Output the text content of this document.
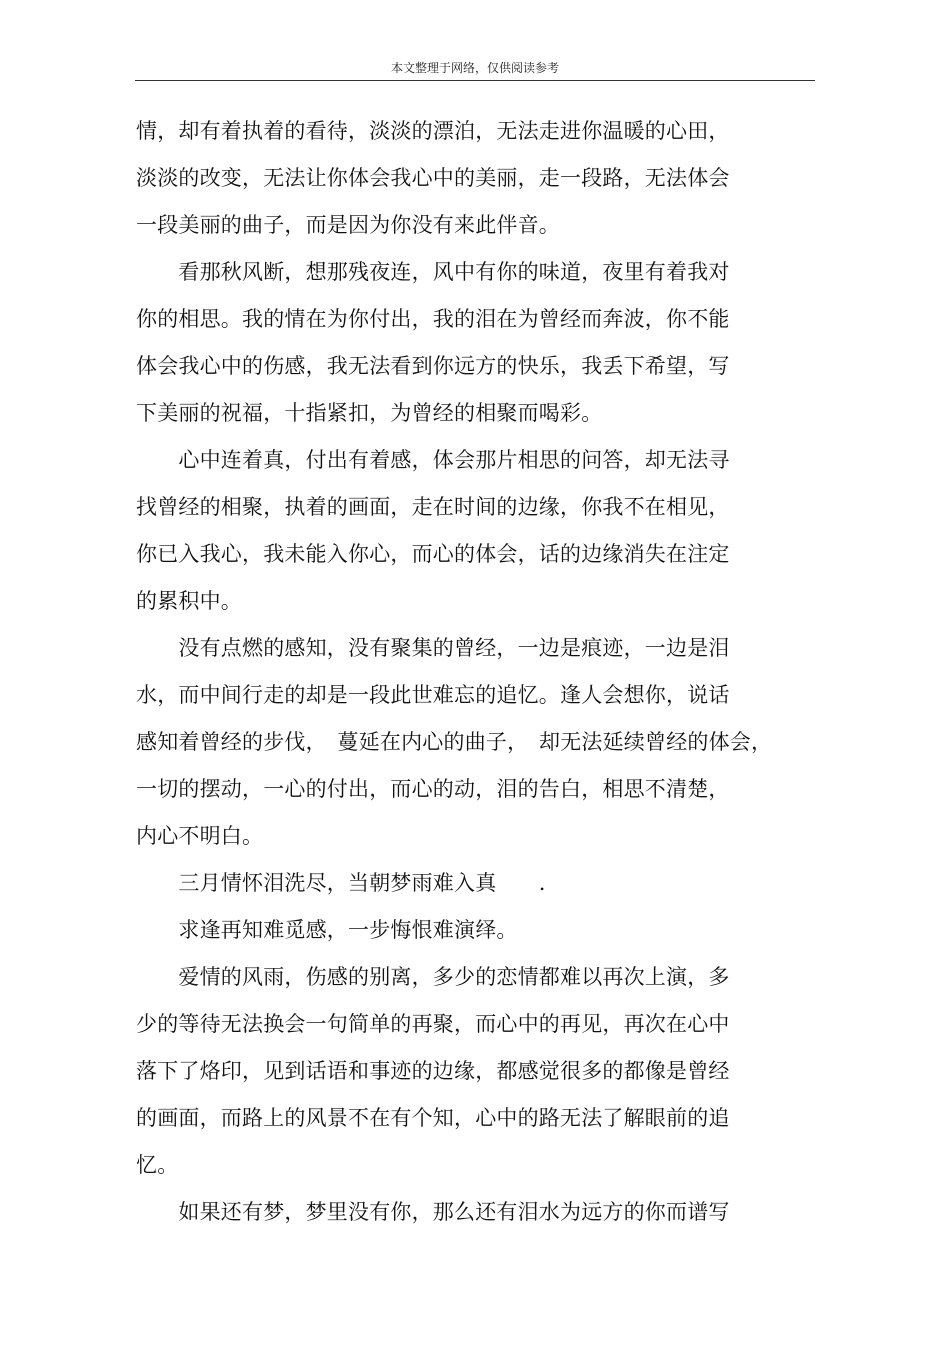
本文整理于网络，仅供阅读参考
情，却有着执着的看待，淡淡的漂泊，无法走进你温暖的心田，
淡淡的改变，无法让你体会我心中的美丽，走一段路，无法体会
一段美丽的曲子，而是因为你没有来此伴音。
　　看那秋风断，想那残夜连，风中有你的味道，夜里有着我对
你的相思。我的情在为你付出，我的泪在为曾经而奔波，你不能
体会我心中的伤感，我无法看到你远方的快乐，我丢下希望，写
下美丽的祝福，十指紧扣，为曾经的相聚而喝彩。
　　心中连着真，付出有着感，体会那片相思的问答，却无法寻
找曾经的相聚，执着的画面，走在时间的边缘，你我不在相见，
你已入我心，我未能入你心，而心的体会，话的边缘消失在注定
的累积中。
　　没有点燃的感知，没有聚集的曾经，一边是痕迹，一边是泪
水，而中间行走的却是一段此世难忘的追忆。逢人会想你，说话
感知着曾经的步伐，　蔓延在内心的曲子，　却无法延续曾经的体会，
一切的摆动，一心的付出，而心的动，泪的告白，相思不清楚，
内心不明白。
　　三月情怀泪洗尽，当朝梦雨难入真　　.
　　求逢再知难觅感，一步悔恨难演绎。
　　爱情的风雨，伤感的别离，多少的恋情都难以再次上演，多
少的等待无法换会一句简单的再聚，而心中的再见，再次在心中
落下了烙印，见到话语和事迹的边缘，都感觉很多的都像是曾经
的画面，而路上的风景不在有个知，心中的路无法了解眼前的追
忆。
　　如果还有梦，梦里没有你，那么还有泪水为远方的你而谱写
